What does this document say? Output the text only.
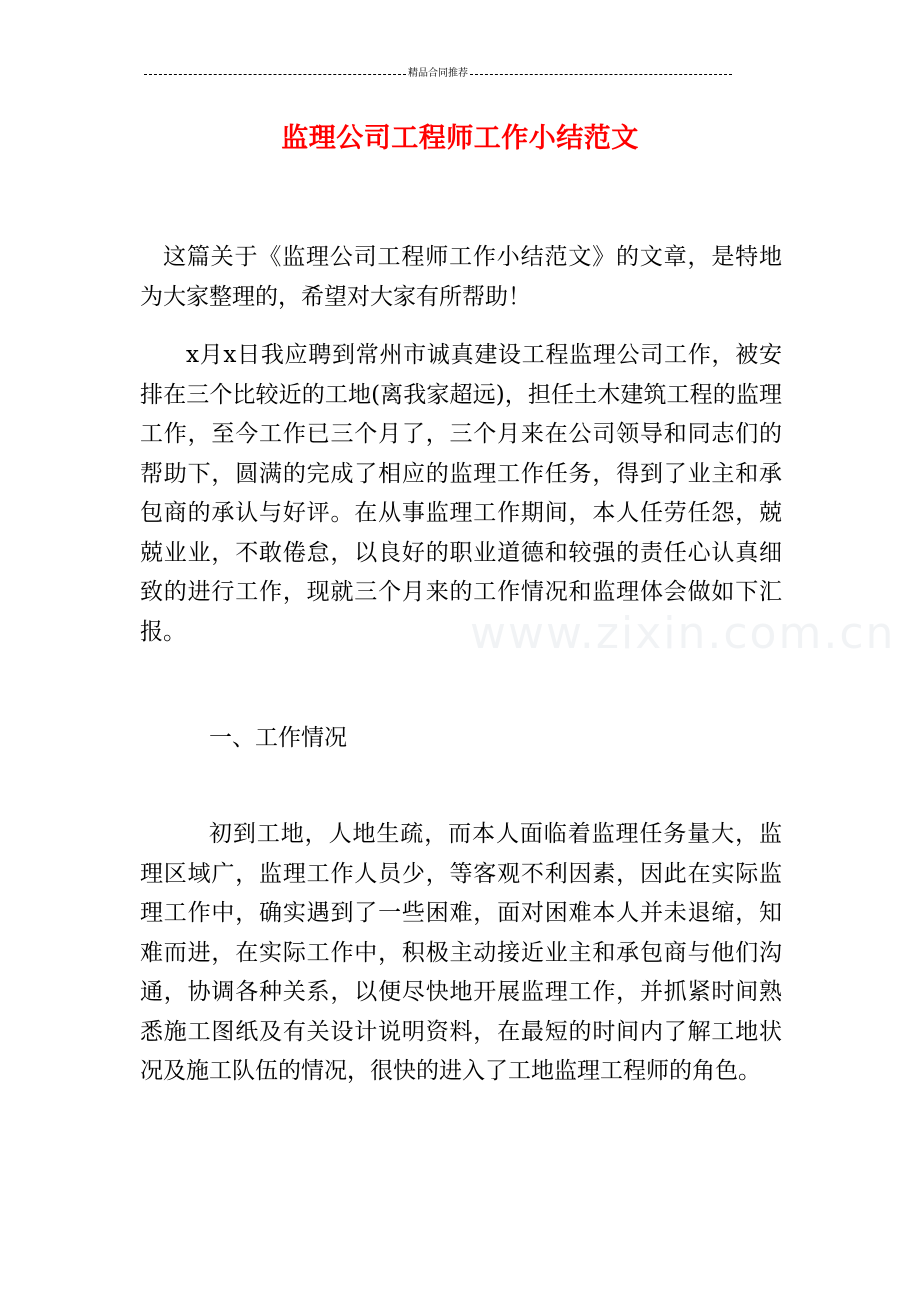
精品合同推荐
监理公司工程师工作小结范文

这篇关于《监理公司工程师工作小结范文》的文章，是特地为大家整理的，希望对大家有所帮助！

x月x日我应聘到常州市诚真建设工程监理公司工作，被安排在三个比较近的工地(离我家超远)，担任土木建筑工程的监理工作，至今工作已三个月了，三个月来在公司领导和同志们的帮助下，圆满的完成了相应的监理工作任务，得到了业主和承包商的承认与好评。在从事监理工作期间，本人任劳任怨，兢兢业业，不敢倦怠，以良好的职业道德和较强的责任心认真细致的进行工作，现就三个月来的工作情况和监理体会做如下汇报。

一、工作情况

初到工地，人地生疏，而本人面临着监理任务量大，监理区域广，监理工作人员少，等客观不利因素，因此在实际监理工作中，确实遇到了一些困难，面对困难本人并未退缩，知难而进，在实际工作中，积极主动接近业主和承包商与他们沟通，协调各种关系，以便尽快地开展监理工作，并抓紧时间熟悉施工图纸及有关设计说明资料，在最短的时间内了解工地状况及施工队伍的情况，很快的进入了工地监理工程师的角色。

www.zixin.com.cn
